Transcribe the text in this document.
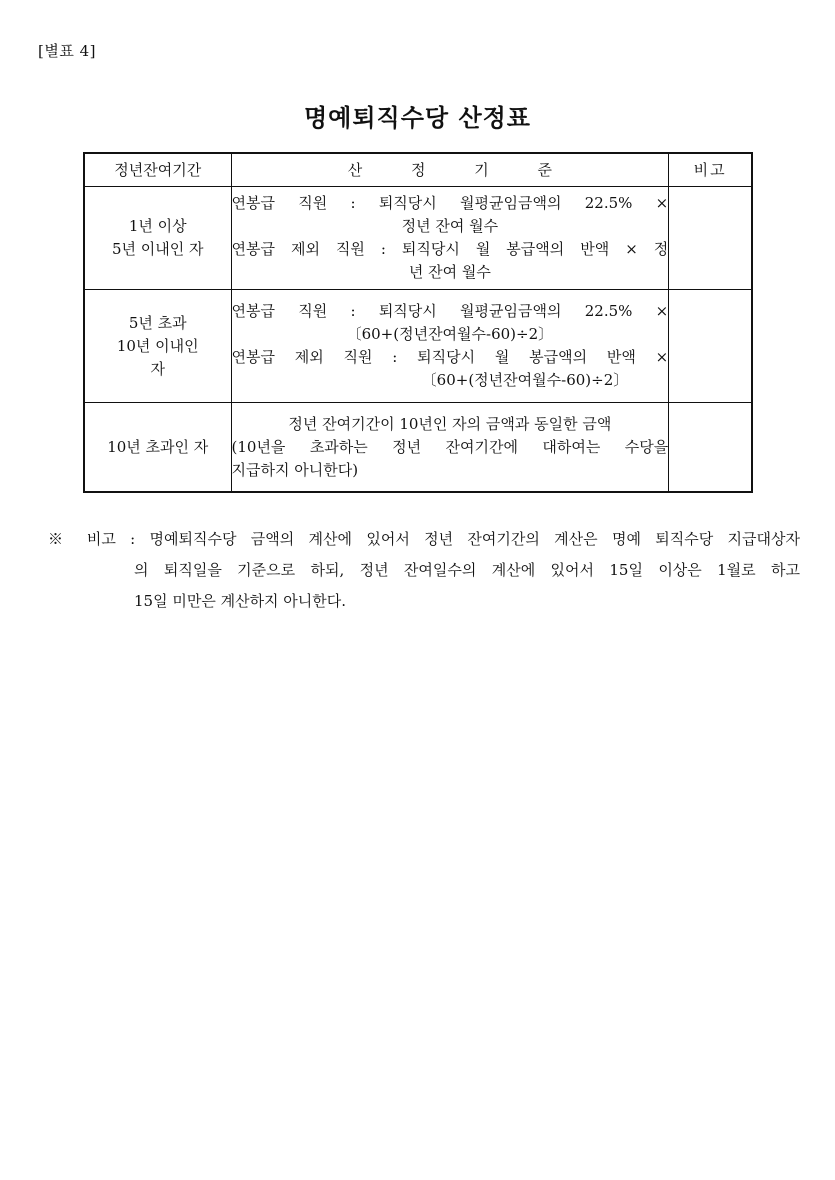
[별표 4]
명예퇴직수당 산정표
정년잔여기간	산 정 기 준	비고

1년 이상
5년 이내인 자	연봉급 직원 : 퇴직당시 월평균임금액의 22.5% ×
정년 잔여 월수
연봉급 제외 직원 : 퇴직당시 월 봉급액의 반액 × 정
년 잔여 월수	

5년 초과
10년 이내인
자	연봉급 직원 : 퇴직당시 월평균임금액의 22.5% ×
〔60+(정년잔여월수-60)÷2〕
연봉급 제외 직원 : 퇴직당시 월 봉급액의 반액 ×
〔60+(정년잔여월수-60)÷2〕	

10년 초과인 자	정년 잔여기간이 10년인 자의 금액과 동일한 금액
(10년을 초과하는 정년 잔여기간에 대하여는 수당을
지급하지 아니한다)	

※ 비고 : 명예퇴직수당 금액의 계산에 있어서 정년 잔여기간의 계산은 명예 퇴직수당 지급대상자
의 퇴직일을 기준으로 하되, 정년 잔여일수의 계산에 있어서 15일 이상은 1월로 하고
15일 미만은 계산하지 아니한다.
